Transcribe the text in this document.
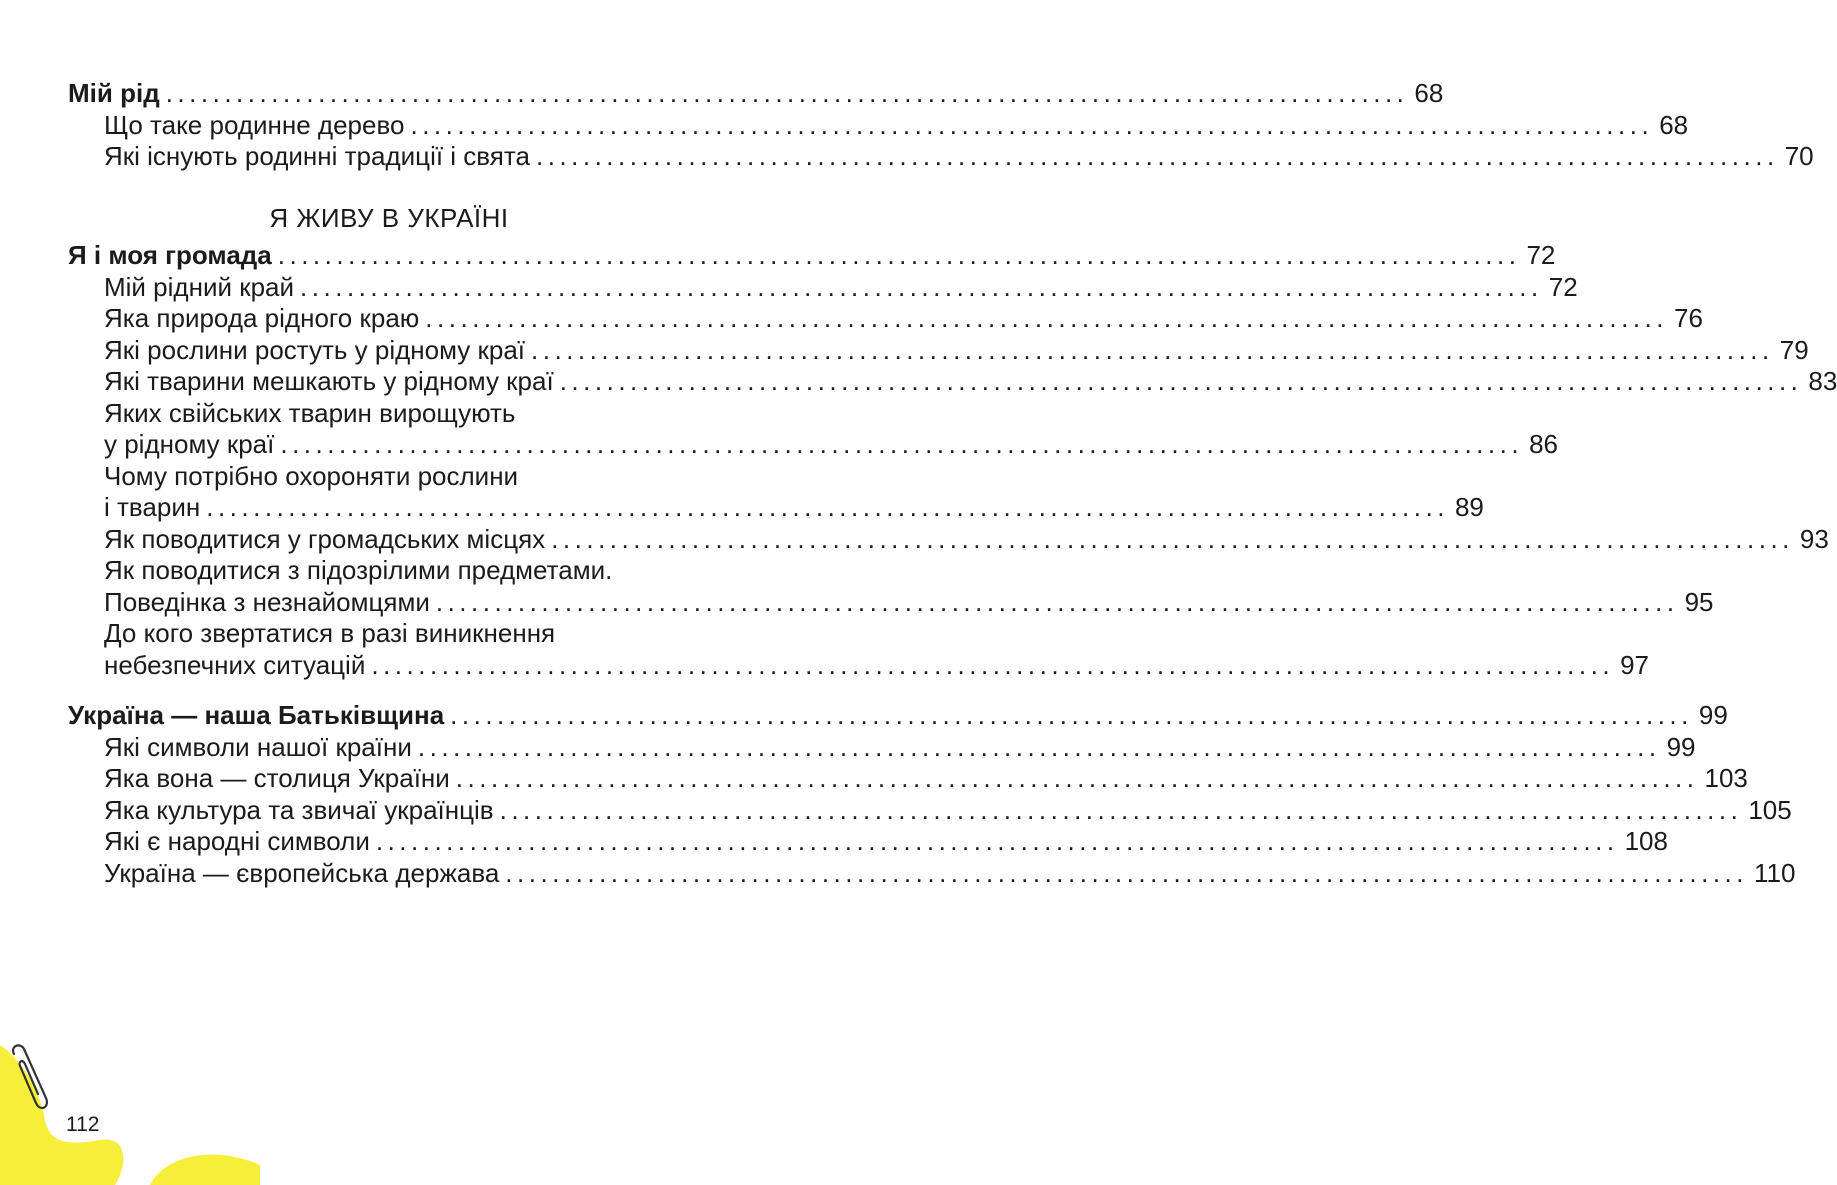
Мій рід .......................................................................................................... 68
Що таке родинне дерево .......................................................................................................... 68
Які існують родинні традиції і свята .......................................................................................................... 70
Я ЖИВУ В УКРАЇНІ
Я і моя громада .......................................................................................................... 72
Мій рідний край .......................................................................................................... 72
Яка природа рідного краю .......................................................................................................... 76
Які рослини ростуть у рідному краї .......................................................................................................... 79
Які тварини мешкають у рідному краї .......................................................................................................... 83
Яких свійських тварин вирощують
у рідному краї .......................................................................................................... 86
Чому потрібно охороняти рослини
і тварин .......................................................................................................... 89
Як поводитися у громадських місцях .......................................................................................................... 93
Як поводитися з підозрілими предметами.
Поведінка з незнайомцями .......................................................................................................... 95
До кого звертатися в разі виникнення
небезпечних ситуацій .......................................................................................................... 97
Україна — наша Батьківщина .......................................................................................................... 99
Які символи нашої країни .......................................................................................................... 99
Яка вона — столиця України .......................................................................................................... 103
Яка культура та звичаї українців .......................................................................................................... 105
Які є народні символи .......................................................................................................... 108
Україна — європейська держава .......................................................................................................... 110
112
